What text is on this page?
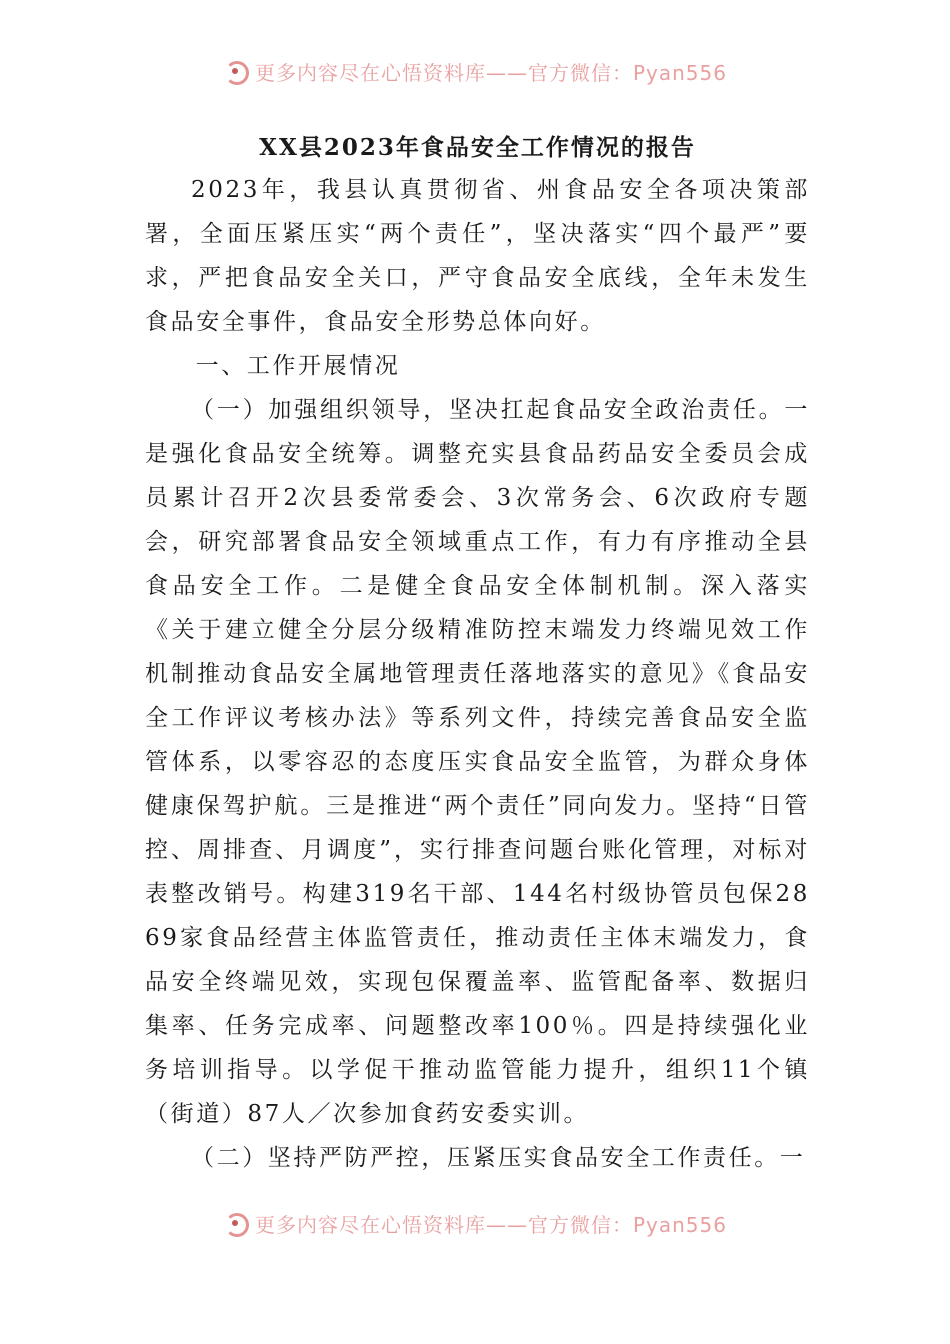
更多内容尽在心悟资料库——官方微信：Pyan556
XX县2023年食品安全工作情况的报告

2023年，我县认真贯彻省、州食品安全各项决策部署，全面压紧压实“两个责任”，坚决落实“四个最严”要求，严把食品安全关口，严守食品安全底线，全年未发生食品安全事件，食品安全形势总体向好。

一、工作开展情况

（一）加强组织领导，坚决扛起食品安全政治责任。一是强化食品安全统筹。调整充实县食品药品安全委员会成员累计召开2次县委常委会、3次常务会、6次政府专题会，研究部署食品安全领域重点工作，有力有序推动全县食品安全工作。二是健全食品安全体制机制。深入落实《关于建立健全分层分级精准防控末端发力终端见效工作机制推动食品安全属地管理责任落地落实的意见》《食品安全工作评议考核办法》等系列文件，持续完善食品安全监管体系，以零容忍的态度压实食品安全监管，为群众身体健康保驾护航。三是推进“两个责任”同向发力。坚持“日管控、周排查、月调度”，实行排查问题台账化管理，对标对表整改销号。构建319名干部、144名村级协管员包保2869家食品经营主体监管责任，推动责任主体末端发力，食品安全终端见效，实现包保覆盖率、监管配备率、数据归集率、任务完成率、问题整改率100％。四是持续强化业务培训指导。以学促干推动监管能力提升，组织11个镇（街道）87人／次参加食药安委实训。

（二）坚持严防严控，压紧压实食品安全工作责任。一

更多内容尽在心悟资料库——官方微信：Pyan556
